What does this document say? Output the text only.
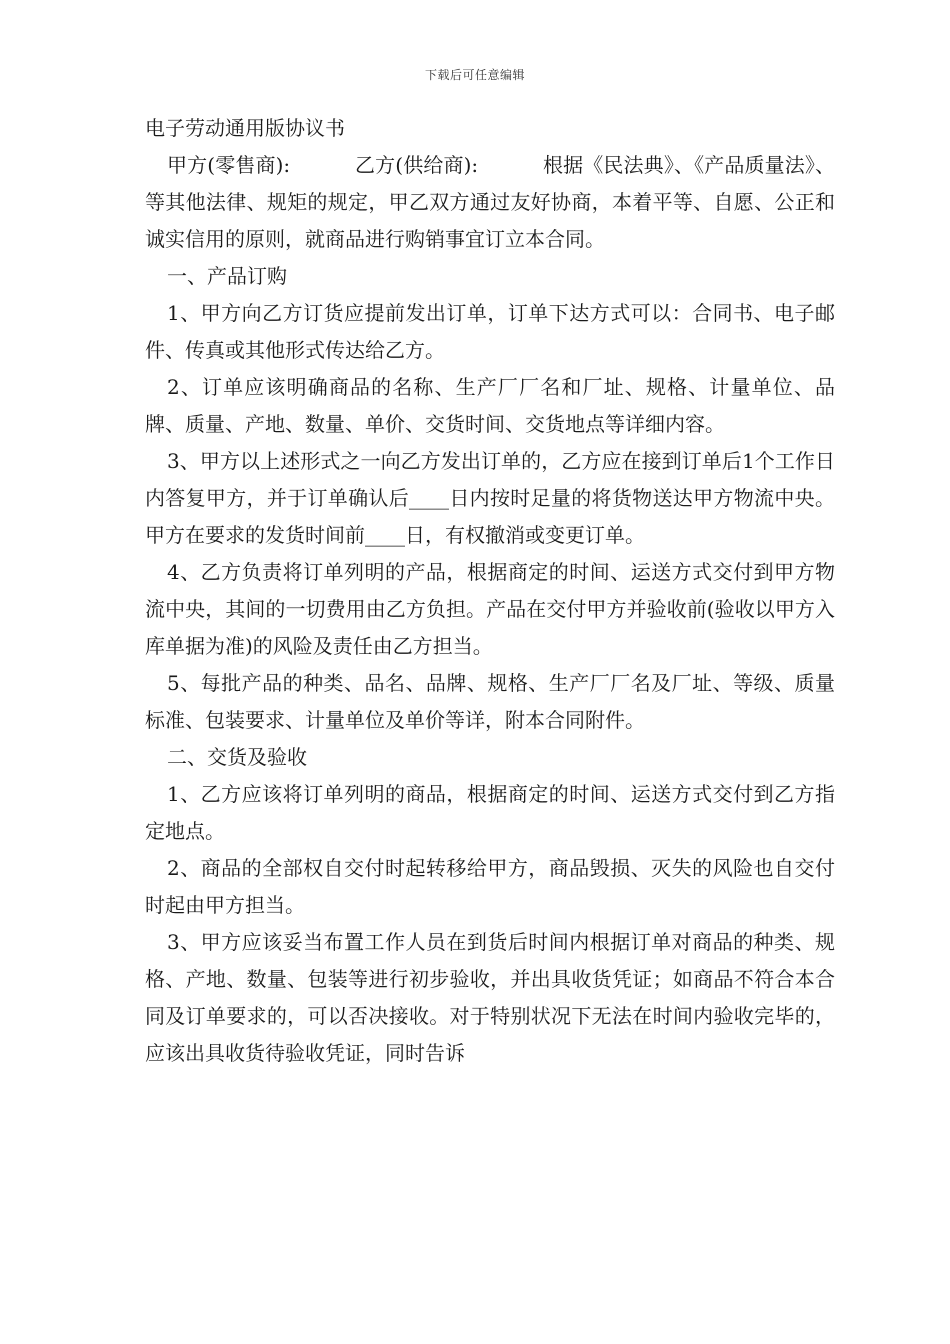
下载后可任意编辑

电子劳动通用版协议书

甲方(零售商):          乙方(供给商):          根据《民法典》、《产品质量法》、等其他法律、规矩的规定，甲乙双方通过友好协商，本着平等、自愿、公正和诚实信用的原则，就商品进行购销事宜订立本合同。

一、产品订购

1、甲方向乙方订货应提前发出订单，订单下达方式可以：合同书、电子邮件、传真或其他形式传达给乙方。

2、订单应该明确商品的名称、生产厂厂名和厂址、规格、计量单位、品牌、质量、产地、数量、单价、交货时间、交货地点等详细内容。

3、甲方以上述形式之一向乙方发出订单的，乙方应在接到订单后1个工作日内答复甲方，并于订单确认后____日内按时足量的将货物送达甲方物流中央。甲方在要求的发货时间前____日，有权撤消或变更订单。

4、乙方负责将订单列明的产品，根据商定的时间、运送方式交付到甲方物流中央，其间的一切费用由乙方负担。产品在交付甲方并验收前(验收以甲方入库单据为准)的风险及责任由乙方担当。

5、每批产品的种类、品名、品牌、规格、生产厂厂名及厂址、等级、质量标准、包装要求、计量单位及单价等详，附本合同附件。

二、交货及验收

1、乙方应该将订单列明的商品，根据商定的时间、运送方式交付到乙方指定地点。

2、商品的全部权自交付时起转移给甲方，商品毁损、灭失的风险也自交付时起由甲方担当。

3、甲方应该妥当布置工作人员在到货后时间内根据订单对商品的种类、规格、产地、数量、包装等进行初步验收，并出具收货凭证；如商品不符合本合同及订单要求的，可以否决接收。对于特别状况下无法在时间内验收完毕的，应该出具收货待验收凭证，同时告诉
